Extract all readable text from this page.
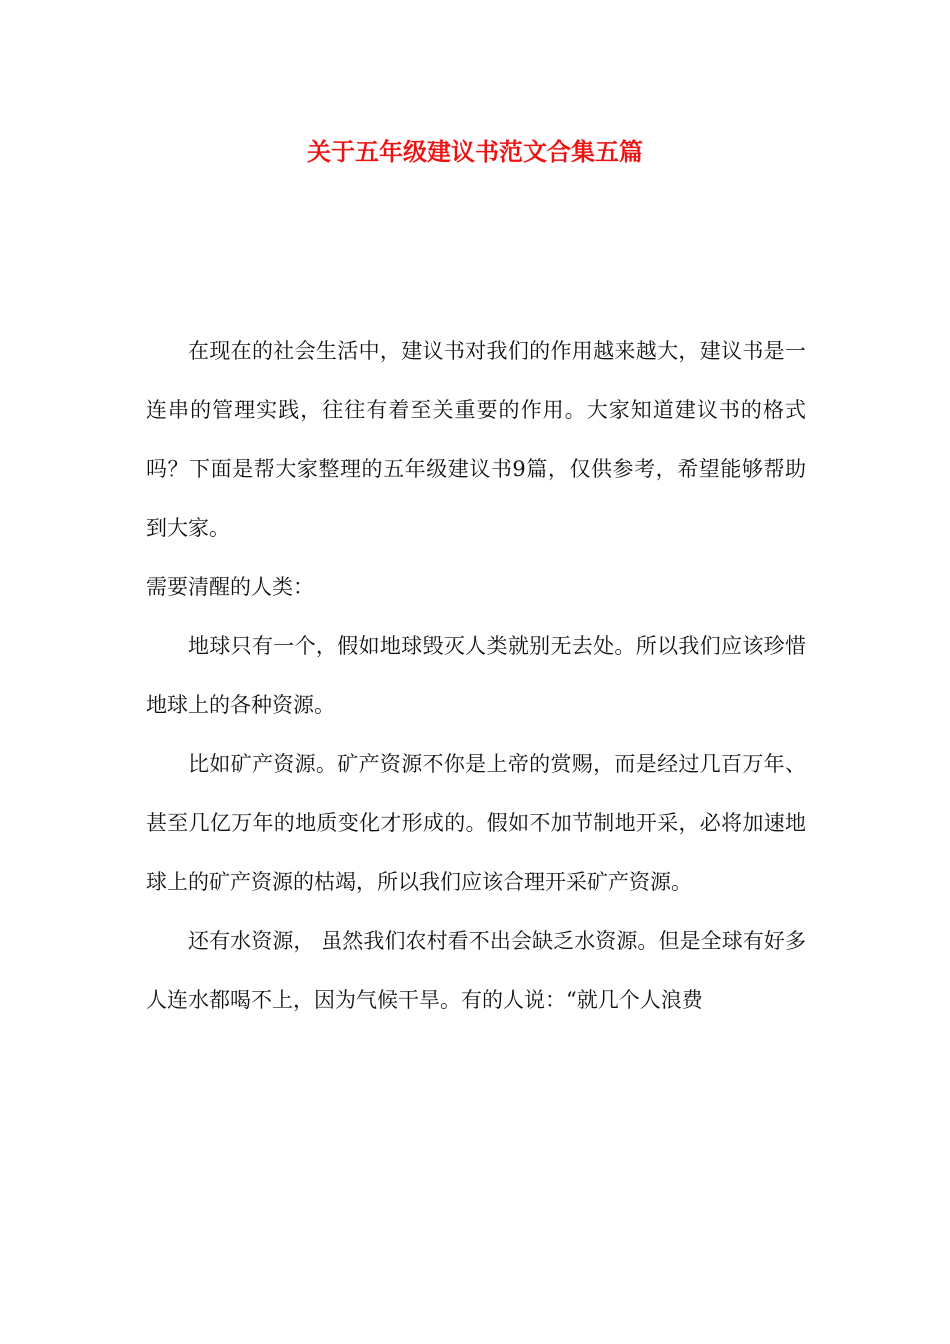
关于五年级建议书范文合集五篇

在现在的社会生活中，建议书对我们的作用越来越大，建议书是一连串的管理实践，往往有着至关重要的作用。大家知道建议书的格式吗？下面是帮大家整理的五年级建议书9篇，仅供参考，希望能够帮助到大家。

需要清醒的人类：

地球只有一个，假如地球毁灭人类就别无去处。所以我们应该珍惜地球上的各种资源。

比如矿产资源。矿产资源不你是上帝的赏赐，而是经过几百万年、甚至几亿万年的地质变化才形成的。假如不加节制地开采，必将加速地球上的矿产资源的枯竭，所以我们应该合理开采矿产资源。

还有水资源， 虽然我们农村看不出会缺乏水资源。但是全球有好多人连水都喝不上，因为气候干旱。有的人说：“就几个人浪费
